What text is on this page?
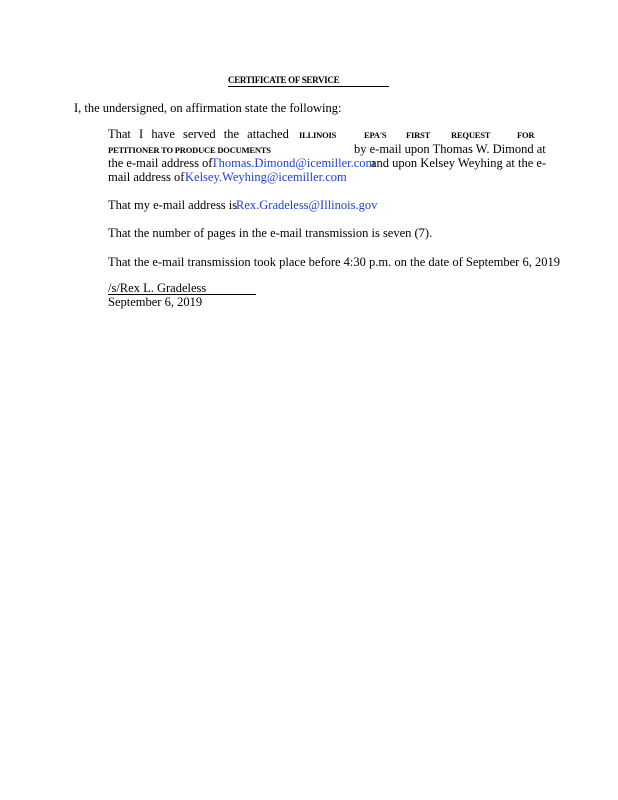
CERTIFICATE OF SERVICE
I, the undersigned, on affirmation state the following:
That I have served the attached ILLINOIS	EPA'S FIRST REQUEST	FOR
PETITIONER TO PRODUCE DOCUMENTS	by e-mail upon Thomas W. Dimond at
the e-mail address of
Thomas.Dimond@icemiller.com
and upon Kelsey Weyhing at the e-
mail address of Kelsey.Weyhing@icemiller.com
That my e-mail address is
Rex.Gradeless@Illinois.gov
That the number of pages in the e-mail transmission is seven (7).
That the e-mail transmission took place before 4:30 p.m. on the date of September 6, 2019
/s/Rex L. Gradeless
September 6, 2019
